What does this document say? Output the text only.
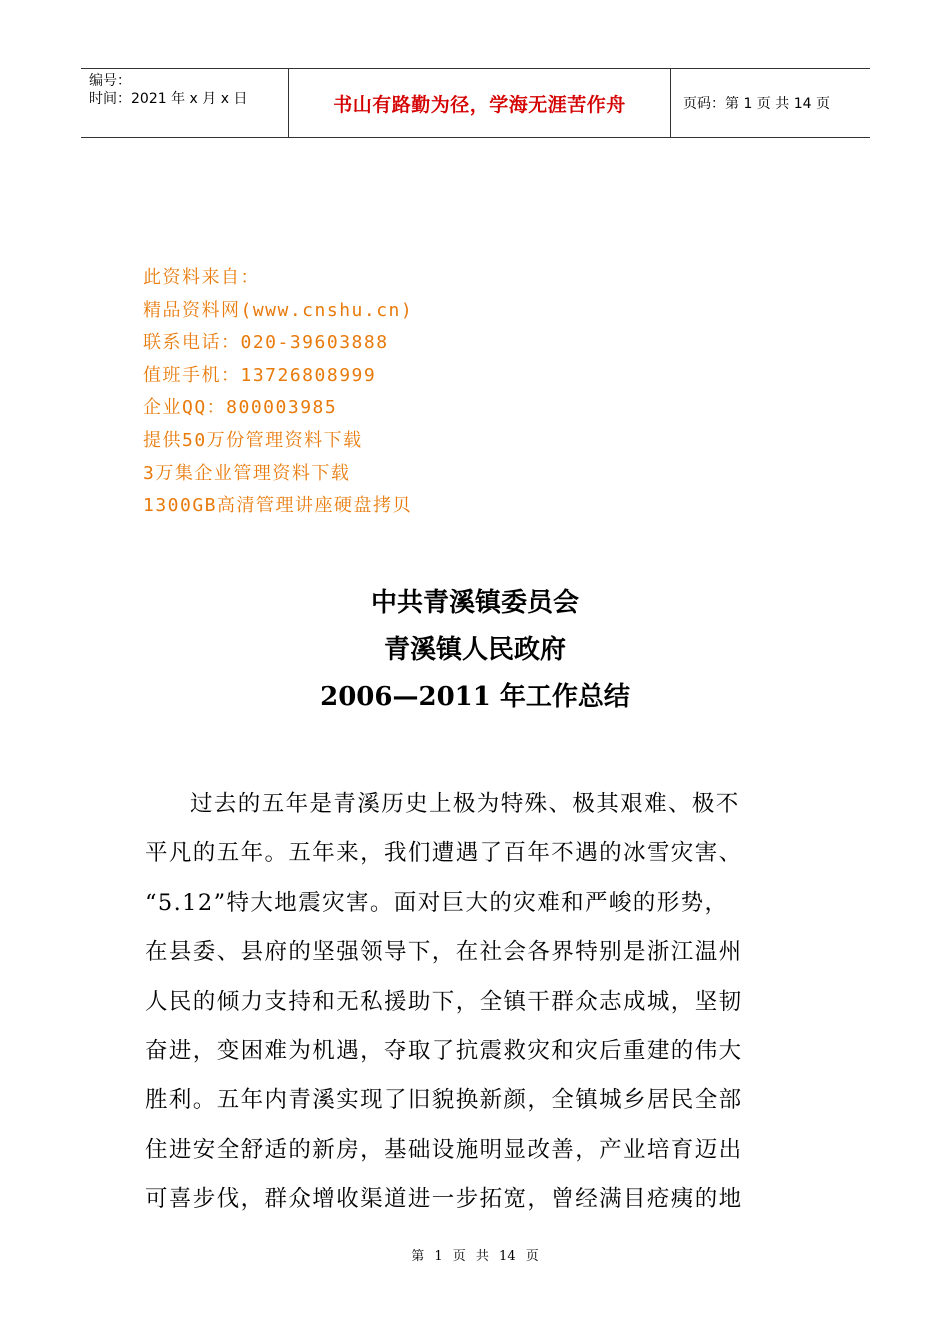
编号：
时间：2021 年 x 月 x 日	书山有路勤为径，学海无涯苦作舟	页码：第 1 页 共 14 页
此资料来自：
精品资料网(www.cnshu.cn)
联系电话：020-39603888
值班手机：13726808999
企业QQ：800003985
提供50万份管理资料下载
3万集企业管理资料下载
1300GB高清管理讲座硬盘拷贝
中共青溪镇委员会
青溪镇人民政府
2006—2011 年工作总结
过去的五年是青溪历史上极为特殊、极其艰难、极不
平凡的五年。五年来，我们遭遇了百年不遇的冰雪灾害、
“5.12”特大地震灾害。面对巨大的灾难和严峻的形势，
在县委、县府的坚强领导下，在社会各界特别是浙江温州
人民的倾力支持和无私援助下，全镇干群众志成城，坚韧
奋进，变困难为机遇，夺取了抗震救灾和灾后重建的伟大
胜利。五年内青溪实现了旧貌换新颜，全镇城乡居民全部
住进安全舒适的新房，基础设施明显改善，产业培育迈出
可喜步伐，群众增收渠道进一步拓宽，曾经满目疮痍的地
第 1 页 共 14 页
